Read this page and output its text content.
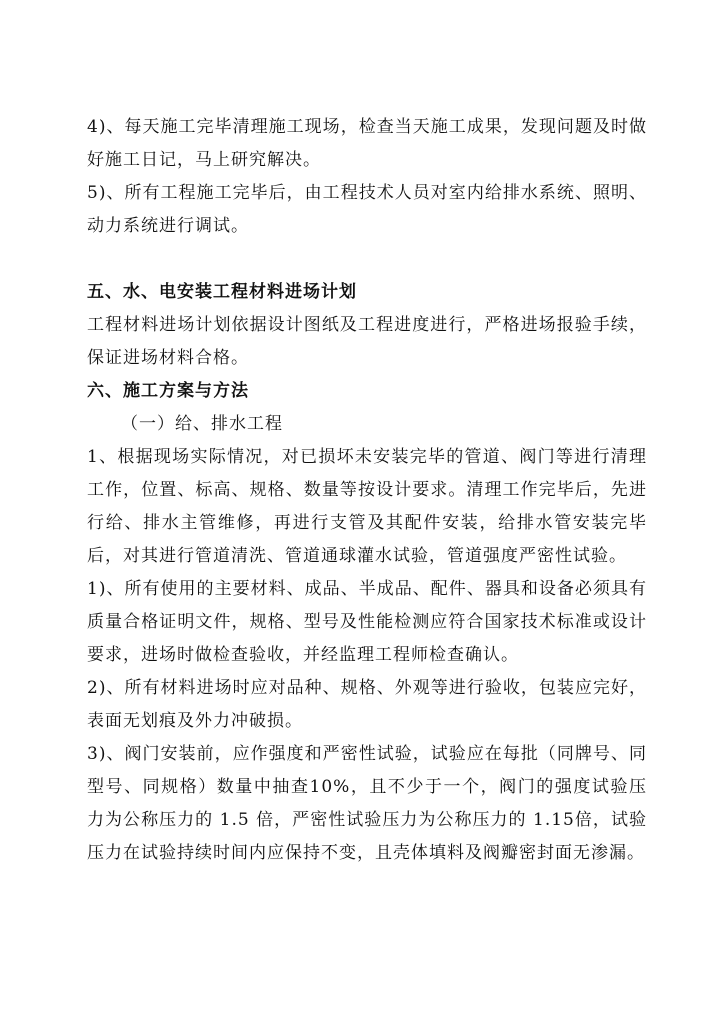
4)、每天施工完毕清理施工现场，检查当天施工成果，发现问题及时做好施工日记，马上研究解决。

5)、所有工程施工完毕后，由工程技术人员对室内给排水系统、照明、动力系统进行调试。

五、水、电安装工程材料进场计划

工程材料进场计划依据设计图纸及工程进度进行，严格进场报验手续，保证进场材料合格。

六、施工方案与方法

（一）给、排水工程

1、根据现场实际情况，对已损坏未安装完毕的管道、阀门等进行清理工作，位置、标高、规格、数量等按设计要求。清理工作完毕后，先进行给、排水主管维修，再进行支管及其配件安装，给排水管安装完毕后，对其进行管道清洗、管道通球灌水试验，管道强度严密性试验。

1)、所有使用的主要材料、成品、半成品、配件、器具和设备必须具有质量合格证明文件，规格、型号及性能检测应符合国家技术标准或设计要求，进场时做检查验收，并经监理工程师检查确认。

2)、所有材料进场时应对品种、规格、外观等进行验收，包装应完好，表面无划痕及外力冲破损。

3)、阀门安装前，应作强度和严密性试验，试验应在每批（同牌号、同型号、同规格）数量中抽查10%，且不少于一个，阀门的强度试验压力为公称压力的 1.5 倍，严密性试验压力为公称压力的 1.15倍，试验压力在试验持续时间内应保持不变，且壳体填料及阀瓣密封面无渗漏。
